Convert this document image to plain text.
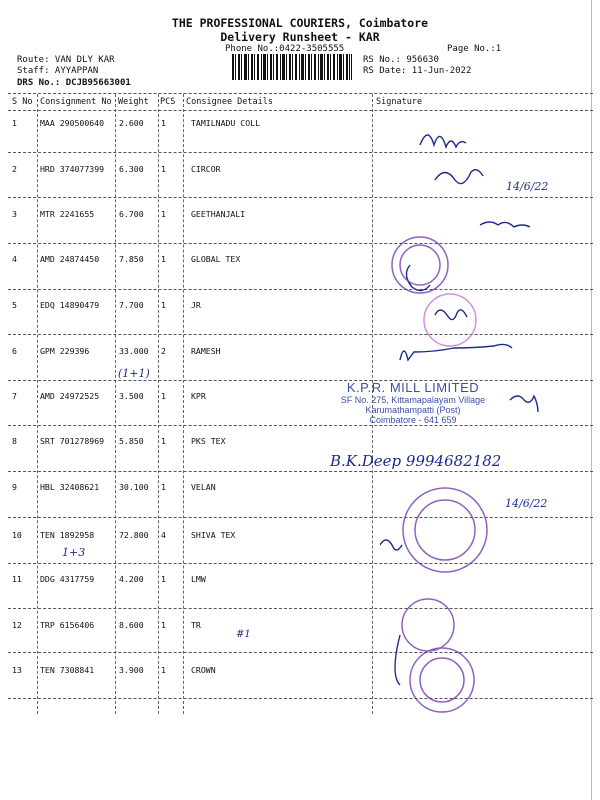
THE PROFESSIONAL COURIERS, Coimbatore
Delivery Runsheet - KAR
Phone No.:0422-3505555	Page No.:1
Route: VAN DLY KAR
Staff: AYYAPPAN
DRS No.: DCJB95663001
RS No.: 956630
RS Date: 11-Jun-2022
S No Consignment No Weight PCS Consignee Details	Signature
1	MAA 290500640 2.600 1	TAMILNADU COLL
2	HRD 374077399 6.300 1	CIRCOR
3	MTR 2241655	6.700 1	GEETHANJALI
4	AMD 24874450 7.850 1	GLOBAL TEX
5	EDQ 14890479 7.700 1	JR
6	GPM 229396	33.000 2	RAMESH
7	AMD 24972525 3.500 1	KPR
8	SRT 701278969 5.850 1	PKS TEX
9	HBL 32408621 30.100 1	VELAN
10 TEN 1892958	72.800 4	SHIVA TEX
11 DDG 4317759	4.200 1	LMW
12 TRP 6156406	8.600 1	TR
13 TEN 7308841	3.900 1	CROWN
(1+1)
1+3
#1
B.K.Deep 9994682182
14/6/22
14/6/22
K.P.R. MILL LIMITED
SF No. 275, Kittamapalayam Village
Karumathampatti (Post)
Coimbatore - 641 659
